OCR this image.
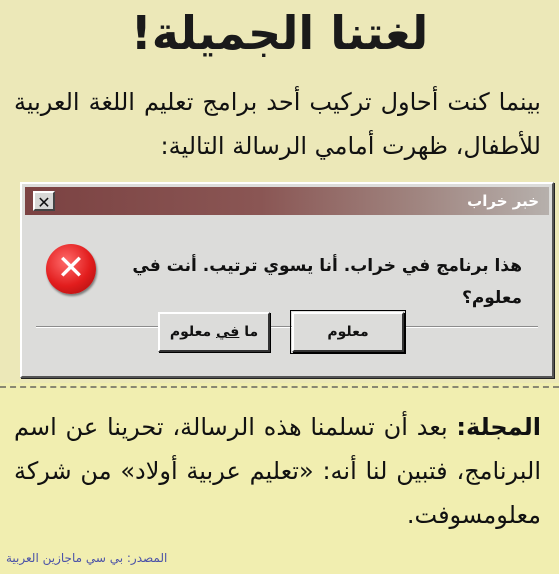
لغتنا الجميلة!
بينما كنت أحاول تركيب أحد برامج تعليم اللغة العربية للأطفال، ظهرت أمامي الرسالة التالية:
خبر خراب
✕
✕	هذا برنامج في خراب. أنا يسوي ترتيب. أنت في معلوم؟
معلوم
ما في معلوم
المجلة: بعد أن تسلمنا هذه الرسالة، تحرينا عن اسم البرنامج، فتبين لنا أنه: «تعليم عربية أولاد» من شركة معلومسوفت.
المصدر: بي سي ماجازين العربية
